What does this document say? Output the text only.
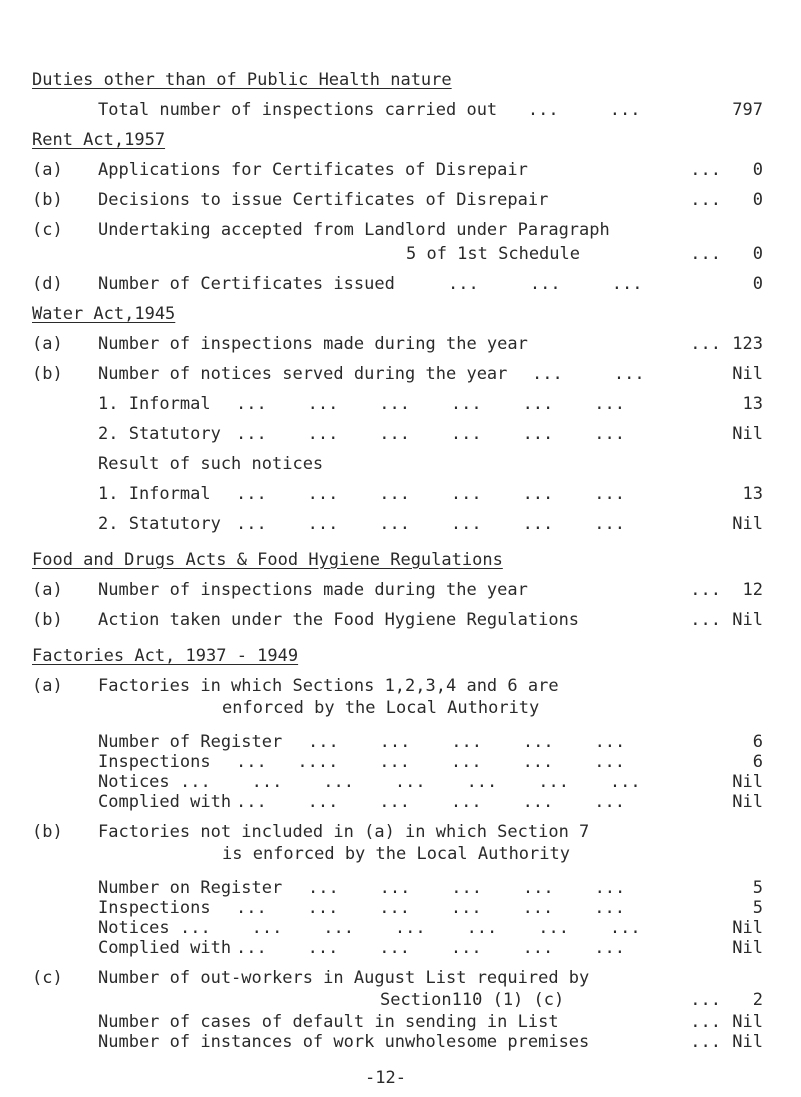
Duties other than of Public Health nature
Total number of inspections carried out   ...     ...	797
Rent Act,1957
(a)	Applications for Certificates of Disrepair	... 0
(b)	Decisions to issue Certificates of Disrepair	... 0
(c)	Undertaking accepted from Landlord under Paragraph
5 of 1st Schedule	... 0
(d)	Number of Certificates issued	...     ...     ...	0
Water Act,1945
(a)	Number of inspections made during the year	... 123
(b)	Number of notices served during the year ...     ...	Nil
1. Informal ...    ...    ...    ...    ...    ...	13
2. Statutory ...    ...    ...    ...    ...    ...	Nil
Result of such notices
1. Informal ...    ...    ...    ...    ...    ...	13
2. Statutory ...    ...    ...    ...    ...    ...	Nil
Food and Drugs Acts & Food Hygiene Regulations
(a)	Number of inspections made during the year	... 12
(b)	Action taken under the Food Hygiene Regulations	... Nil
Factories Act, 1937 - 1949
(a)	Factories in which Sections 1,2,3,4 and 6 are
enforced by the Local Authority
Number of Register ...    ...    ...    ...    ...	6
Inspections ...   ....    ...    ...    ...    ...	6
Notices ...    ...    ...    ...    ...    ...    ...	Nil
Complied with ...    ...    ...    ...    ...    ...	Nil
(b)	Factories not included in (a) in which Section 7
is enforced by the Local Authority
Number on Register ...    ...    ...    ...    ...	5
Inspections ...    ...    ...    ...    ...    ...	5
Notices ...    ...    ...    ...    ...    ...    ...	Nil
Complied with ...    ...    ...    ...    ...    ...	Nil
(c)	Number of out-workers in August List required by
Section110 (1) (c)	... 2
Number of cases of default in sending in List	... Nil
Number of instances of work unwholesome premises	... Nil
-12-
